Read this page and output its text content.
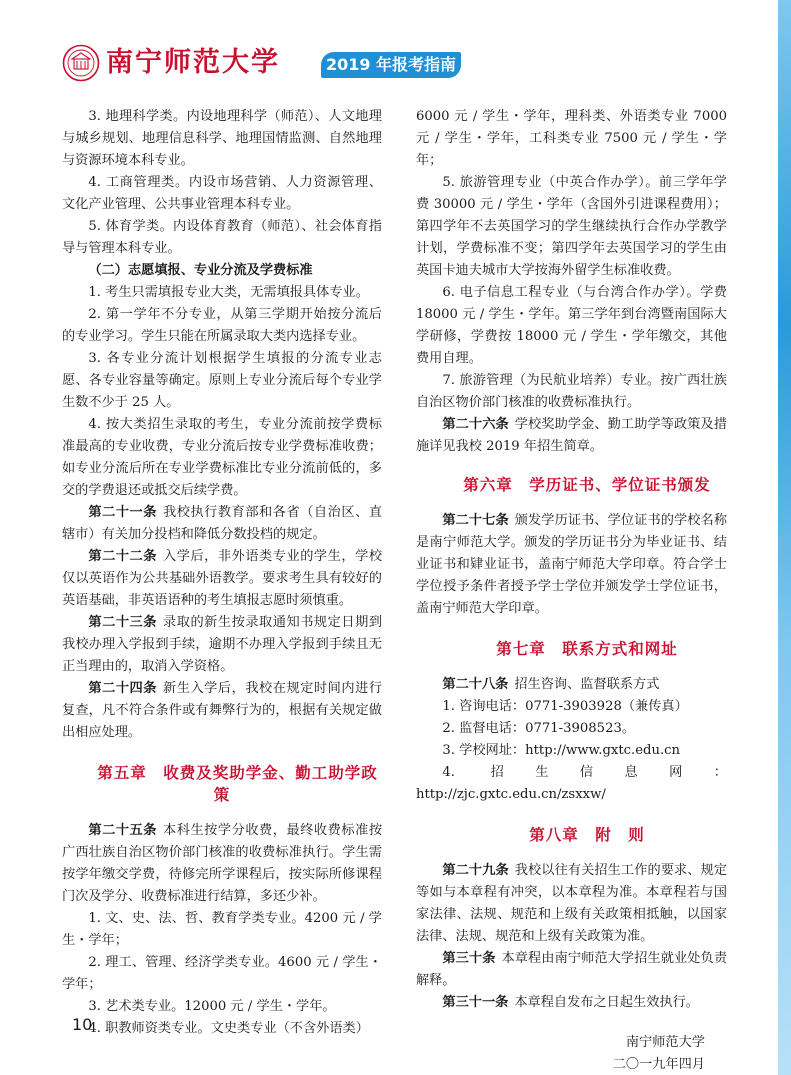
南宁师范大学	2019 年报考指南

3. 地理科学类。内设地理科学（师范）、人文地理与城乡规划、地理信息科学、地理国情监测、自然地理与资源环境本科专业。

4. 工商管理类。内设市场营销、人力资源管理、文化产业管理、公共事业管理本科专业。

5. 体育学类。内设体育教育（师范）、社会体育指导与管理本科专业。

（二）志愿填报、专业分流及学费标准

1. 考生只需填报专业大类，无需填报具体专业。

2. 第一学年不分专业，从第三学期开始按分流后的专业学习。学生只能在所属录取大类内选择专业。

3. 各专业分流计划根据学生填报的分流专业志愿、各专业容量等确定。原则上专业分流后每个专业学生数不少于 25 人。

4. 按大类招生录取的考生，专业分流前按学费标准最高的专业收费，专业分流后按专业学费标准收费；如专业分流后所在专业学费标准比专业分流前低的，多交的学费退还或抵交后续学费。

第二十一条 我校执行教育部和各省（自治区、直辖市）有关加分投档和降低分数投档的规定。

第二十二条 入学后，非外语类专业的学生，学校仅以英语作为公共基础外语教学。要求考生具有较好的英语基础，非英语语种的考生填报志愿时须慎重。

第二十三条 录取的新生按录取通知书规定日期到我校办理入学报到手续，逾期不办理入学报到手续且无正当理由的，取消入学资格。

第二十四条 新生入学后，我校在规定时间内进行复查，凡不符合条件或有舞弊行为的，根据有关规定做出相应处理。

第五章　收费及奖助学金、勤工助学政策

第二十五条 本科生按学分收费，最终收费标准按广西壮族自治区物价部门核准的收费标准执行。学生需按学年缴交学费，待修完所学课程后，按实际所修课程门次及学分、收费标准进行结算，多还少补。

1. 文、史、法、哲、教育学类专业。4200 元 / 学生・学年；

2. 理工、管理、经济学类专业。4600 元 / 学生・学年；

3. 艺术类专业。12000 元 / 学生・学年。

4. 职教师资类专业。文史类专业（不含外语类）

6000 元 / 学生・学年，理科类、外语类专业 7000 元 / 学生・学年，工科类专业 7500 元 / 学生・学年；

5. 旅游管理专业（中英合作办学）。前三学年学费 30000 元 / 学生・学年（含国外引进课程费用）；第四学年不去英国学习的学生继续执行合作办学教学计划，学费标准不变；第四学年去英国学习的学生由英国卡迪夫城市大学按海外留学生标准收费。

6. 电子信息工程专业（与台湾合作办学）。学费 18000 元 / 学生・学年。第三学年到台湾暨南国际大学研修，学费按 18000 元 / 学生・学年缴交，其他费用自理。

7. 旅游管理（为民航业培养）专业。按广西壮族自治区物价部门核准的收费标准执行。

第二十六条 学校奖助学金、勤工助学等政策及措施详见我校 2019 年招生简章。

第六章　学历证书、学位证书颁发

第二十七条 颁发学历证书、学位证书的学校名称是南宁师范大学。颁发的学历证书分为毕业证书、结业证书和肄业证书，盖南宁师范大学印章。符合学士学位授予条件者授予学士学位并颁发学士学位证书，盖南宁师范大学印章。

第七章　联系方式和网址

第二十八条 招生咨询、监督联系方式

1. 咨询电话：0771-3903928（兼传真）

2. 监督电话：0771-3908523。

3. 学校网址：http://www.gxtc.edu.cn

4. 招生信息网：http://zjc.gxtc.edu.cn/zsxxw/

第八章　附　则

第二十九条 我校以往有关招生工作的要求、规定等如与本章程有冲突，以本章程为准。本章程若与国家法律、法规、规范和上级有关政策相抵触，以国家法律、法规、规范和上级有关政策为准。

第三十条 本章程由南宁师范大学招生就业处负责解释。

第三十一条 本章程自发布之日起生效执行。

南宁师范大学

二〇一九年四月

10
